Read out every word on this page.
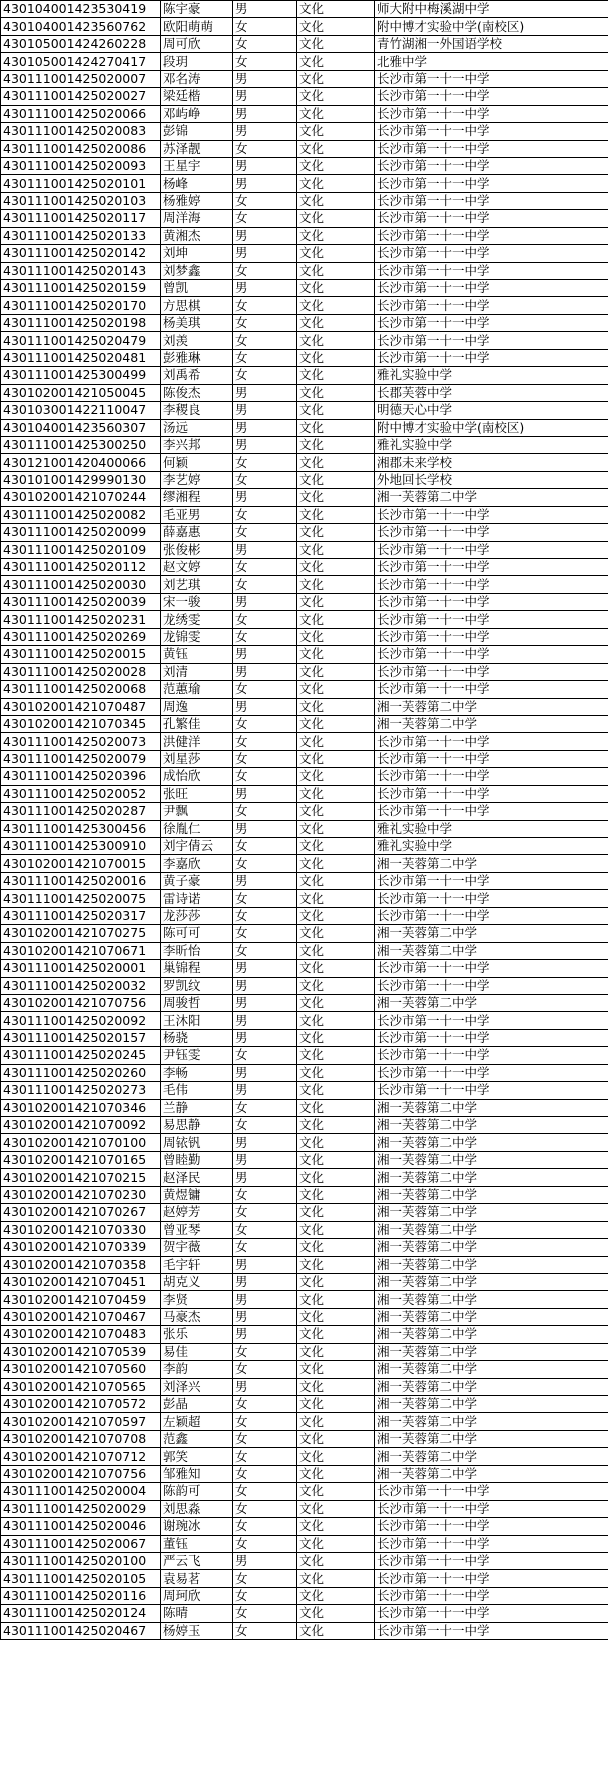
430104001423530419	陈宇豪	男	文化	师大附中梅溪湖中学
430104001423560762	欧阳萌萌	女	文化	附中博才实验中学(南校区)
430105001424260228	周可欣	女	文化	青竹湖湘一外国语学校
430105001424270417	段玥	女	文化	北雅中学
430111001425020007	邓名涛	男	文化	长沙市第一十一中学
430111001425020027	梁廷楷	男	文化	长沙市第一十一中学
430111001425020066	邓屿峥	男	文化	长沙市第一十一中学
430111001425020083	彭锦	男	文化	长沙市第一十一中学
430111001425020086	苏泽靓	女	文化	长沙市第一十一中学
430111001425020093	王星宇	男	文化	长沙市第一十一中学
430111001425020101	杨峰	男	文化	长沙市第一十一中学
430111001425020103	杨雅婷	女	文化	长沙市第一十一中学
430111001425020117	周洋海	女	文化	长沙市第一十一中学
430111001425020133	黄湘杰	男	文化	长沙市第一十一中学
430111001425020142	刘坤	男	文化	长沙市第一十一中学
430111001425020143	刘梦鑫	女	文化	长沙市第一十一中学
430111001425020159	曾凯	男	文化	长沙市第一十一中学
430111001425020170	方思棋	女	文化	长沙市第一十一中学
430111001425020198	杨美琪	女	文化	长沙市第一十一中学
430111001425020479	刘羡	女	文化	长沙市第一十一中学
430111001425020481	彭雅琳	女	文化	长沙市第一十一中学
430111001425300499	刘禹希	女	文化	雅礼实验中学
430102001421050045	陈俊杰	男	文化	长郡芙蓉中学
430103001422110047	李稷良	男	文化	明德天心中学
430104001423560307	汤远	男	文化	附中博才实验中学(南校区)
430111001425300250	李兴邦	男	文化	雅礼实验中学
430121001420400066	何颖	女	文化	湘郡未来学校
430101001429990130	李艺婷	女	文化	外地回长学校
430102001421070244	缪湘程	男	文化	湘一芙蓉第二中学
430111001425020082	毛亚男	女	文化	长沙市第一十一中学
430111001425020099	薛嘉惠	女	文化	长沙市第一十一中学
430111001425020109	张俊彬	男	文化	长沙市第一十一中学
430111001425020112	赵文婷	女	文化	长沙市第一十一中学
430111001425020030	刘艺琪	女	文化	长沙市第一十一中学
430111001425020039	宋一骏	男	文化	长沙市第一十一中学
430111001425020231	龙绣雯	女	文化	长沙市第一十一中学
430111001425020269	龙锦雯	女	文化	长沙市第一十一中学
430111001425020015	黄钰	男	文化	长沙市第一十一中学
430111001425020028	刘清	男	文化	长沙市第一十一中学
430111001425020068	范蕙瑜	女	文化	长沙市第一十一中学
430102001421070487	周逸	男	文化	湘一芙蓉第二中学
430102001421070345	孔繁佳	女	文化	湘一芙蓉第二中学
430111001425020073	洪健洋	女	文化	长沙市第一十一中学
430111001425020079	刘星莎	女	文化	长沙市第一十一中学
430111001425020396	成怡欣	女	文化	长沙市第一十一中学
430111001425020052	张旺	男	文化	长沙市第一十一中学
430111001425020287	尹飘	女	文化	长沙市第一十一中学
430111001425300456	徐胤仁	男	文化	雅礼实验中学
430111001425300910	刘宇倩云	女	文化	雅礼实验中学
430102001421070015	李嘉欣	女	文化	湘一芙蓉第二中学
430111001425020016	黄子豪	男	文化	长沙市第一十一中学
430111001425020075	雷诗诺	女	文化	长沙市第一十一中学
430111001425020317	龙莎莎	女	文化	长沙市第一十一中学
430102001421070275	陈可可	女	文化	湘一芙蓉第二中学
430102001421070671	李昕怡	女	文化	湘一芙蓉第二中学
430111001425020001	巢锦程	男	文化	长沙市第一十一中学
430111001425020032	罗凯纹	男	文化	长沙市第一十一中学
430102001421070756	周骏哲	男	文化	湘一芙蓉第二中学
430111001425020092	王沐阳	男	文化	长沙市第一十一中学
430111001425020157	杨骁	男	文化	长沙市第一十一中学
430111001425020245	尹钰雯	女	文化	长沙市第一十一中学
430111001425020260	李畅	男	文化	长沙市第一十一中学
430111001425020273	毛伟	男	文化	长沙市第一十一中学
430102001421070346	兰静	女	文化	湘一芙蓉第二中学
430102001421070092	易思静	女	文化	湘一芙蓉第二中学
430102001421070100	周铱钒	男	文化	湘一芙蓉第二中学
430102001421070165	曾睦勤	男	文化	湘一芙蓉第二中学
430102001421070215	赵泽民	男	文化	湘一芙蓉第二中学
430102001421070230	黄煜镛	女	文化	湘一芙蓉第二中学
430102001421070267	赵婷芳	女	文化	湘一芙蓉第二中学
430102001421070330	曾亚琴	女	文化	湘一芙蓉第二中学
430102001421070339	贺宇薇	女	文化	湘一芙蓉第二中学
430102001421070358	毛宇轩	男	文化	湘一芙蓉第二中学
430102001421070451	胡克义	男	文化	湘一芙蓉第二中学
430102001421070459	李贤	男	文化	湘一芙蓉第二中学
430102001421070467	马豪杰	男	文化	湘一芙蓉第二中学
430102001421070483	张乐	男	文化	湘一芙蓉第二中学
430102001421070539	易佳	女	文化	湘一芙蓉第二中学
430102001421070560	李韵	女	文化	湘一芙蓉第二中学
430102001421070565	刘泽兴	男	文化	湘一芙蓉第二中学
430102001421070572	彭晶	女	文化	湘一芙蓉第二中学
430102001421070597	左颖超	女	文化	湘一芙蓉第二中学
430102001421070708	范鑫	女	文化	湘一芙蓉第二中学
430102001421070712	郭笑	女	文化	湘一芙蓉第二中学
430102001421070756	邹雅知	女	文化	湘一芙蓉第二中学
430111001425020004	陈韵可	女	文化	长沙市第一十一中学
430111001425020029	刘思淼	女	文化	长沙市第一十一中学
430111001425020046	谢琬冰	女	文化	长沙市第一十一中学
430111001425020067	董钰	女	文化	长沙市第一十一中学
430111001425020100	严云飞	男	文化	长沙市第一十一中学
430111001425020105	袁易茗	女	文化	长沙市第一十一中学
430111001425020116	周珂欣	女	文化	长沙市第一十一中学
430111001425020124	陈晴	女	文化	长沙市第一十一中学
430111001425020467	杨婷玉	女	文化	长沙市第一十一中学
